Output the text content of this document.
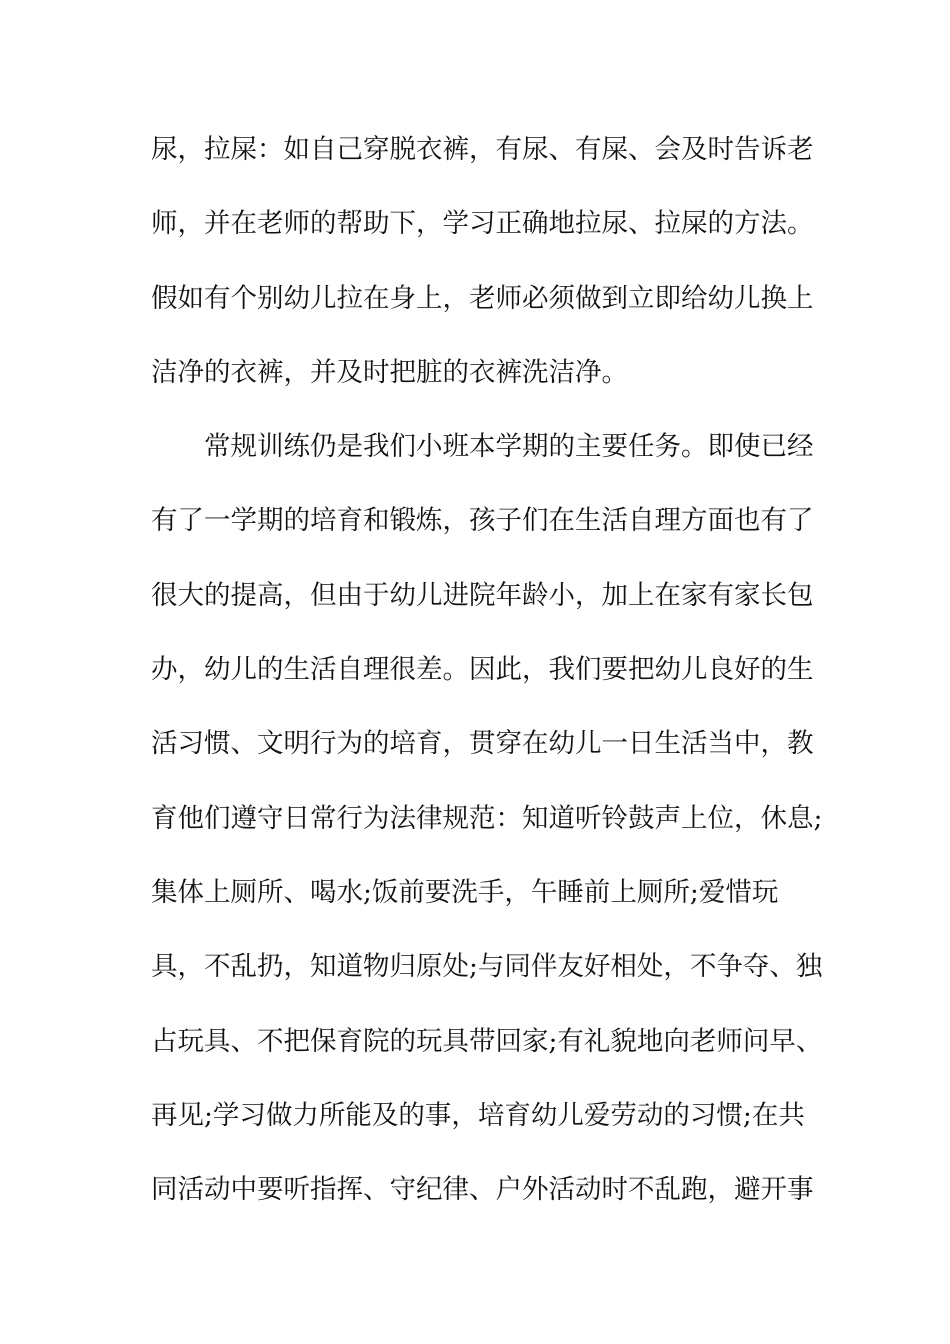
尿，拉屎：如自己穿脱衣裤，有尿、有屎、会及时告诉老
师，并在老师的帮助下，学习正确地拉尿、拉屎的方法。
假如有个别幼儿拉在身上，老师必须做到立即给幼儿换上
洁净的衣裤，并及时把脏的衣裤洗洁净。
常规训练仍是我们小班本学期的主要任务。即使已经
有了一学期的培育和锻炼，孩子们在生活自理方面也有了
很大的提高，但由于幼儿进院年龄小，加上在家有家长包
办，幼儿的生活自理很差。因此，我们要把幼儿良好的生
活习惯、文明行为的培育，贯穿在幼儿一日生活当中，教
育他们遵守日常行为法律规范：知道听铃鼓声上位，休息;
集体上厕所、喝水;饭前要洗手，午睡前上厕所;爱惜玩
具，不乱扔，知道物归原处;与同伴友好相处，不争夺、独
占玩具、不把保育院的玩具带回家;有礼貌地向老师问早、
再见;学习做力所能及的事，培育幼儿爱劳动的习惯;在共
同活动中要听指挥、守纪律、户外活动时不乱跑，避开事
